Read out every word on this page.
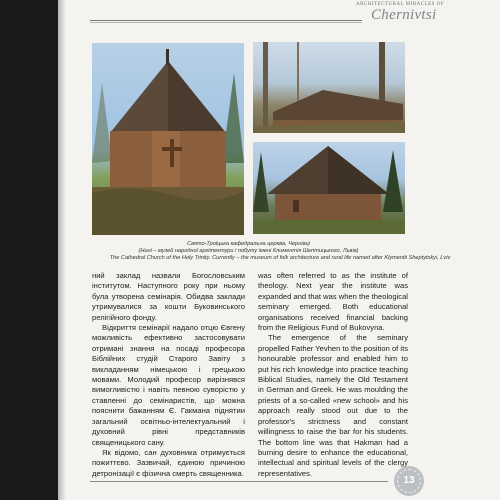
ARCHITECTURAL MIRACLES OF
Chernivtsi
Свято-Троїцька кафедральна церква, Чернівці
(Нині – музей народної архітектури і побуту імені Климентія Шептицького, Львів)
The Cathedral Church of the Holy Trinity. Currently – the museum of folk architecture and rural life named after Klymentii Sheptytskyi, Lviv

ний заклад назвали Богословським інститутом. Наступного року при ньому була утворена семінарія. Обидва заклади утримувалися за кошти Буковинського релігійного фонду.

Відкриття семінарії надало отцю Євгену можливість ефективно застосовувати отримані знання на посаді професора Біблійних студій Старого Завіту з викладанням німецькою і грецькою мовами. Молодий професор вирізнявся вимогливістю і навіть певною суворістю у ставленні до семінаристів, що можна пояснити бажанням Є. Гакмана піднятии загальний освітньо-інтелектуальний і духовний рівні представників священицького сану.

Як відомо, сан духовника отримується пожиттєво. Зазвичай, єдиною причиною детронізації є фізична смерть священника.

was often referred to as the institute of theology. Next year the institute was expanded and that was when the theological seminary emerged. Both educational organisations received financial backing from the Religious Fund of Bukovyna.

The emergence of the seminary propelled Father Yevhen to the position of its honourable professor and enabled him to put his rich knowledge into practice teaching Biblical Studies, namely the Old Testament in German and Greek. He was moulding the priests of a so-called «new school» and his approach really stood out due to the professor's strictness and constant willingness to raise the bar for his students. The bottom line was that Hakman had a burning desire to enhance the educational, intellectual and spiritual levels of the clergy representatives.

13
